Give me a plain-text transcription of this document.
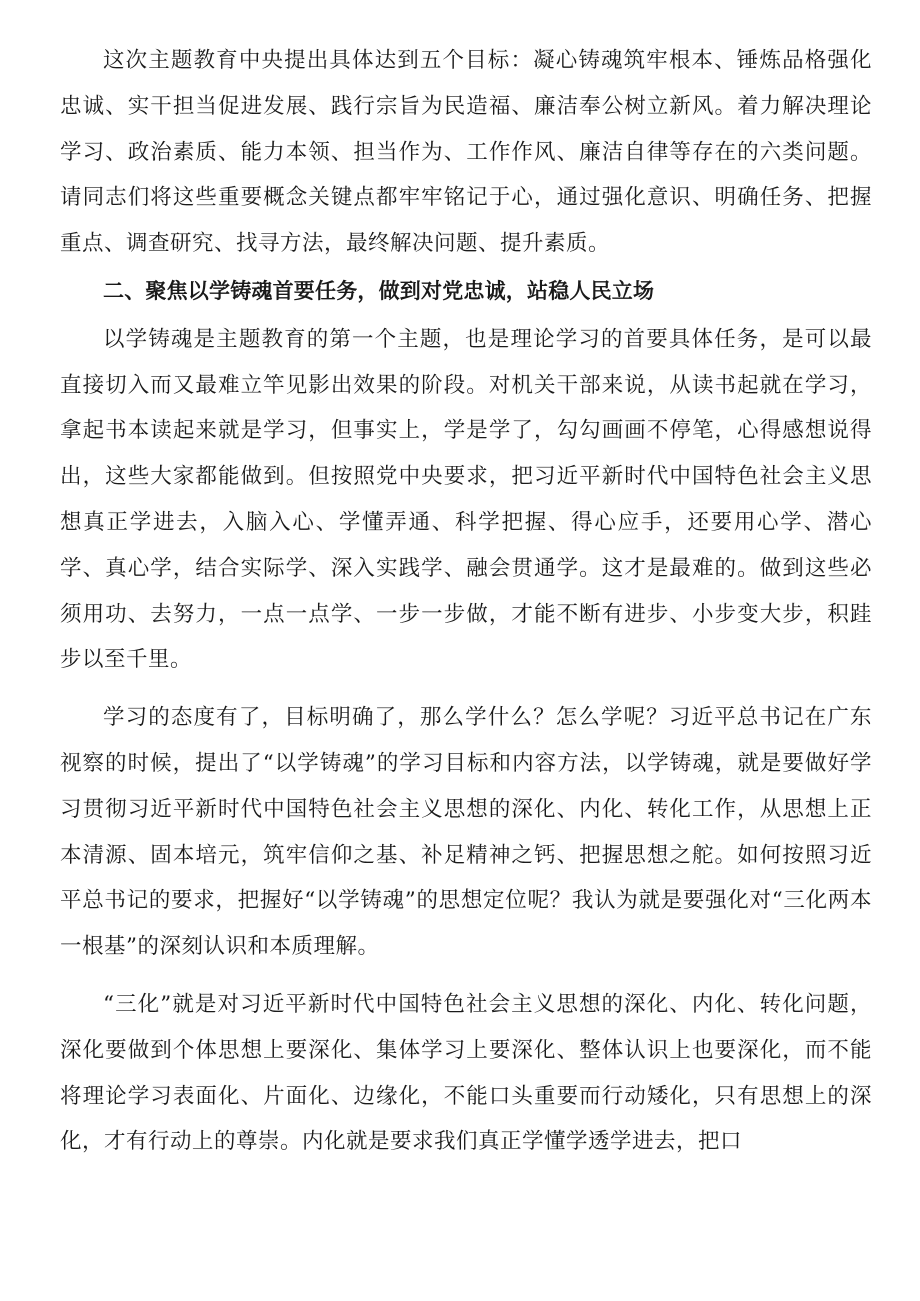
这次主题教育中央提出具体达到五个目标：凝心铸魂筑牢根本、锤炼品格强化忠诚、实干担当促进发展、践行宗旨为民造福、廉洁奉公树立新风。着力解决理论学习、政治素质、能力本领、担当作为、工作作风、廉洁自律等存在的六类问题。请同志们将这些重要概念关键点都牢牢铭记于心，通过强化意识、明确任务、把握重点、调查研究、找寻方法，最终解决问题、提升素质。

二、聚焦以学铸魂首要任务，做到对党忠诚，站稳人民立场

以学铸魂是主题教育的第一个主题，也是理论学习的首要具体任务，是可以最直接切入而又最难立竿见影出效果的阶段。对机关干部来说，从读书起就在学习，拿起书本读起来就是学习，但事实上，学是学了，勾勾画画不停笔，心得感想说得出，这些大家都能做到。但按照党中央要求，把习近平新时代中国特色社会主义思想真正学进去，入脑入心、学懂弄通、科学把握、得心应手，还要用心学、潜心学、真心学，结合实际学、深入实践学、融会贯通学。这才是最难的。做到这些必须用功、去努力，一点一点学、一步一步做，才能不断有进步、小步变大步，积跬步以至千里。

学习的态度有了，目标明确了，那么学什么？怎么学呢？习近平总书记在广东视察的时候，提出了“以学铸魂”的学习目标和内容方法，以学铸魂，就是要做好学习贯彻习近平新时代中国特色社会主义思想的深化、内化、转化工作，从思想上正本清源、固本培元，筑牢信仰之基、补足精神之钙、把握思想之舵。如何按照习近平总书记的要求，把握好“以学铸魂”的思想定位呢？我认为就是要强化对“三化两本一根基”的深刻认识和本质理解。

“三化”就是对习近平新时代中国特色社会主义思想的深化、内化、转化问题，深化要做到个体思想上要深化、集体学习上要深化、整体认识上也要深化，而不能将理论学习表面化、片面化、边缘化，不能口头重要而行动矮化，只有思想上的深化，才有行动上的尊崇。内化就是要求我们真正学懂学透学进去，把口
